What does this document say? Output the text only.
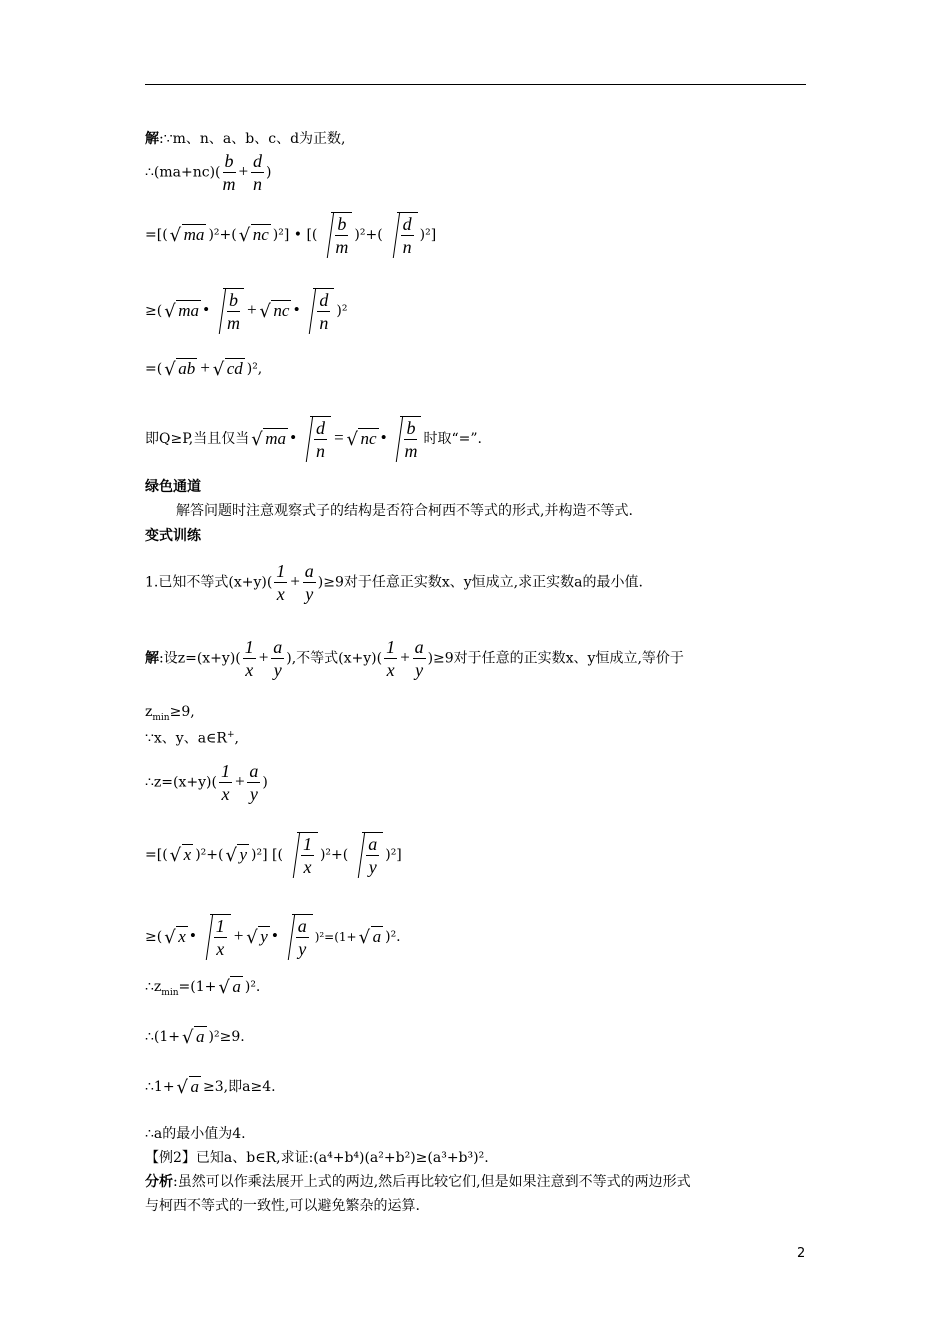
解:∵m、n、a、b、c、d为正数,
∴(ma+nc)( $\frac{b}{m} + \frac{d}{n}$ )
=[(√ ma )²+(√ nc )²] • [( $\frac{b}{m} )^2+( \frac{d}{n} )^2$]
≥(√ ma • $\frac{b}{m}$ +√ nc • $\frac{d}{n} )^2$
=(√ ab +√ cd )²,
即Q≥P,当且仅当√ ma • $\frac{d}{n}$ =√ nc • $\frac{b}{m}$ 时取“=”.
绿色通道
解答问题时注意观察式子的结构是否符合柯西不等式的形式,并构造不等式.
变式训练
1.已知不等式$(x+y)( \frac{1}{x} + \frac{a}{y} )\ge 9$对于任意正实数x、y恒成立,求正实数a的最小值.
解:设$z=(x+y)( \frac{1}{x} + \frac{a}{y}$ ),不等式$(x+y)( \frac{1}{x} + \frac{a}{y} )\ge 9$对于任意的正实数x、y恒成立,等价于
$z_{min}\ge 9$,
∵x、y、a∈R+,
∴z=(x+y)( $\frac{1}{x} + \frac{a}{y}$ )
=[(√ x )²+(√ y )²] [( $\frac{1}{x} )^2+( \frac{a}{y} )^2$]
≥(√ x • $\frac{1}{x}$ +√ y • $\frac{a}{y} )^2=(1+√$ a )².
$\therefore z_{min}=(1+√$ a )².
∴(1+√ a )²≥9.
∴1+√ a ≥3,即a≥4.
∴a的最小值为4.
【例2】已知a、b∈R,求证:(a⁴+b⁴)(a²+b²)≥(a³+b³)².
分析:虽然可以作乘法展开上式的两边,然后再比较它们,但是如果注意到不等式的两边形式
与柯西不等式的一致性,可以避免繁杂的运算.
2
